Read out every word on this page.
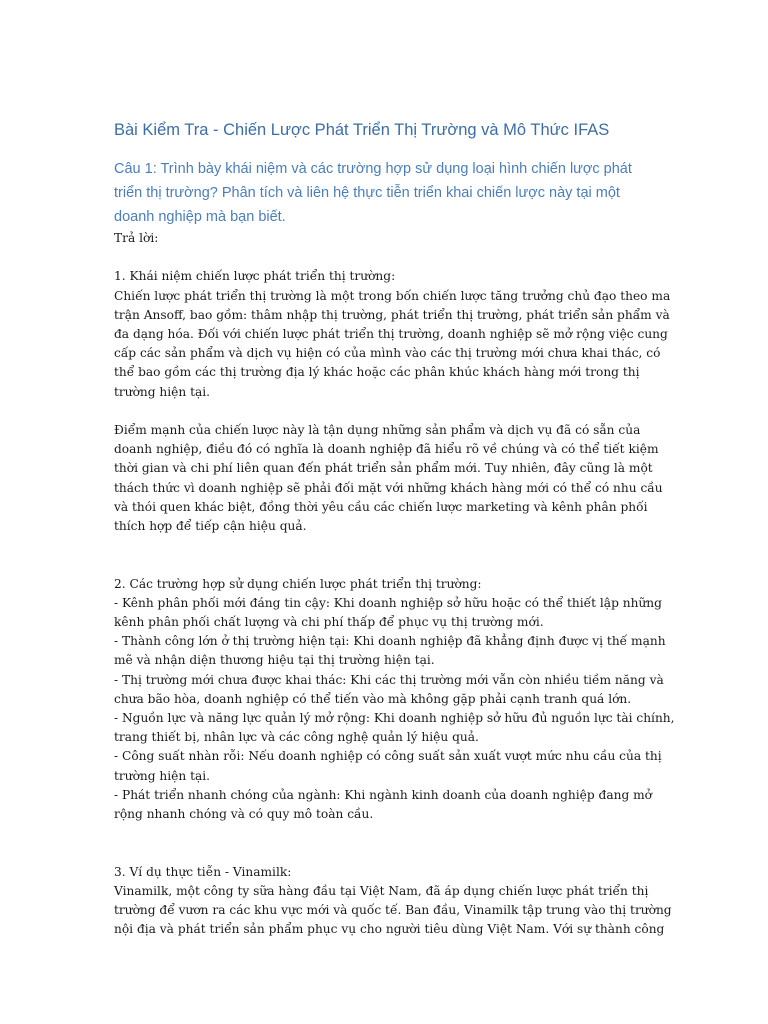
Bài Kiểm Tra - Chiến Lược Phát Triển Thị Trường và Mô Thức IFAS
Câu 1: Trình bày khái niệm và các trường hợp sử dụng loại hình chiến lược phát
triển thị trường? Phân tích và liên hệ thực tiễn triển khai chiến lược này tại một
doanh nghiệp mà bạn biết.
Trả lời:
1. Khái niệm chiến lược phát triển thị trường:
Chiến lược phát triển thị trường là một trong bốn chiến lược tăng trưởng chủ đạo theo ma
trận Ansoff, bao gồm: thâm nhập thị trường, phát triển thị trường, phát triển sản phẩm và
đa dạng hóa. Đối với chiến lược phát triển thị trường, doanh nghiệp sẽ mở rộng việc cung
cấp các sản phẩm và dịch vụ hiện có của mình vào các thị trường mới chưa khai thác, có
thể bao gồm các thị trường địa lý khác hoặc các phân khúc khách hàng mới trong thị
trường hiện tại.
Điểm mạnh của chiến lược này là tận dụng những sản phẩm và dịch vụ đã có sẵn của
doanh nghiệp, điều đó có nghĩa là doanh nghiệp đã hiểu rõ về chúng và có thể tiết kiệm
thời gian và chi phí liên quan đến phát triển sản phẩm mới. Tuy nhiên, đây cũng là một
thách thức vì doanh nghiệp sẽ phải đối mặt với những khách hàng mới có thể có nhu cầu
và thói quen khác biệt, đồng thời yêu cầu các chiến lược marketing và kênh phân phối
thích hợp để tiếp cận hiệu quả.
2. Các trường hợp sử dụng chiến lược phát triển thị trường:
- Kênh phân phối mới đáng tin cậy: Khi doanh nghiệp sở hữu hoặc có thể thiết lập những
kênh phân phối chất lượng và chi phí thấp để phục vụ thị trường mới.
- Thành công lớn ở thị trường hiện tại: Khi doanh nghiệp đã khẳng định được vị thế mạnh
mẽ và nhận diện thương hiệu tại thị trường hiện tại.
- Thị trường mới chưa được khai thác: Khi các thị trường mới vẫn còn nhiều tiềm năng và
chưa bão hòa, doanh nghiệp có thể tiến vào mà không gặp phải cạnh tranh quá lớn.
- Nguồn lực và năng lực quản lý mở rộng: Khi doanh nghiệp sở hữu đủ nguồn lực tài chính,
trang thiết bị, nhân lực và các công nghệ quản lý hiệu quả.
- Công suất nhàn rỗi: Nếu doanh nghiệp có công suất sản xuất vượt mức nhu cầu của thị
trường hiện tại.
- Phát triển nhanh chóng của ngành: Khi ngành kinh doanh của doanh nghiệp đang mở
rộng nhanh chóng và có quy mô toàn cầu.
3. Ví dụ thực tiễn - Vinamilk:
Vinamilk, một công ty sữa hàng đầu tại Việt Nam, đã áp dụng chiến lược phát triển thị
trường để vươn ra các khu vực mới và quốc tế. Ban đầu, Vinamilk tập trung vào thị trường
nội địa và phát triển sản phẩm phục vụ cho người tiêu dùng Việt Nam. Với sự thành công
